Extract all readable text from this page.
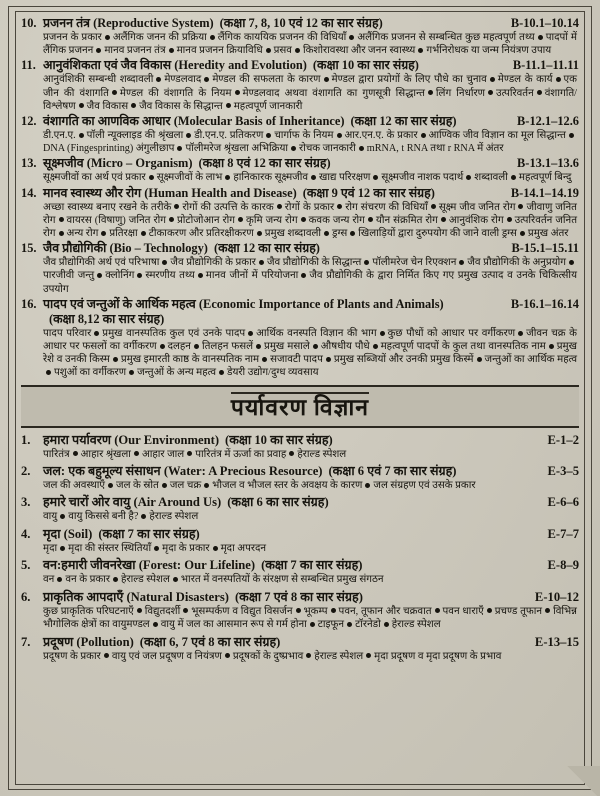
10. प्रजनन तंत्र (Reproductive System) (कक्षा 7, 8, 10 एवं 12 का सार संग्रह)	B-10.1–10.14
प्रजनन के प्रकार अलैंगिक जनन की प्रक्रिया लैंगिक काययिक प्रजनन की विधियाँ अलैंगिक प्रजनन से सम्बन्धित कुछ महत्वपूर्ण तथ्य पादपों में लैंगिक प्रजनन मानव प्रजनन तंत्र मानव प्रजनन क्रियाविधि प्रसव किशोरावस्था और जनन स्वास्थ्य गर्भनिरोधक या जन्म नियंत्रण उपाय
11. आनुवंशिकता एवं जैव विकास (Heredity and Evolution) (कक्षा 10 का सार संग्रह)	B-11.1–11.11
आनुवंशिकी सम्बन्धी शब्दावली मेण्डलवाद मेण्डल की सफलता के कारण मेण्डल द्वारा प्रयोगों के लिए पौधे का चुनाव मेण्डल के कार्य एक जीन की वंशागति मेण्डल की वंशागति के नियम मेण्डलवाद अथवा वंशागति का गुणसूत्री सिद्धान्त लिंग निर्धारण उत्परिवर्तन वंशागति/विश्लेषण जैव विकास जैव विकास के सिद्धान्त महत्वपूर्ण जानकारी
12. वंशागति का आणविक आधार (Molecular Basis of Inheritance) (कक्षा 12 का सार संग्रह)	B-12.1–12.6
डी.एन.ए. पॉली न्यूक्लाइड की श्रृंखला डी.एन.ए. प्रतिकरण चार्गाफ के नियम आर.एन.ए. के प्रकार आण्विक जीव विज्ञान का मूल सिद्धान्तDNA (Fingesprinting) अंगुलीछाप पॉलीमरेज श्रृंखला अभिक्रिया रोचक जानकारी mRNA, t RNA तथा r RNA में अंतर
13. सूक्ष्मजीव (Micro – Organism) (कक्षा 8 एवं 12 का सार संग्रह)	B-13.1–13.6
सूक्ष्मजीवों का अर्थ एवं प्रकार सूक्ष्मजीवों के लाभ हानिकारक सूक्ष्मजीव खाद्य परिरक्षण सूक्ष्मजीव नाशक पदार्थ शब्दावली महत्वपूर्ण बिन्दु
14. मानव स्वास्थ्य और रोग (Human Health and Disease) (कक्षा 9 एवं 12 का सार संग्रह)	B-14.1–14.19
अच्छा स्वास्थ्य बनाए रखने के तरीके रोगों की उत्पत्ति के कारक रोगों के प्रकार रोग संचरण की विधियाँ सूक्ष्म जीव जनित रोग जीवाणु जनित रोग वायरस (विषाणु) जनित रोग प्रोटोजोआन रोग कृमि जन्य रोग कवक जन्य रोग यौन संक्रमित रोग आनुवंशिक रोग उत्परिवर्तन जनित रोग अन्य रोग प्रतिरक्षा टीकाकरण और प्रतिरक्षीकरण प्रमुख शब्दावली ड्रग्स खिलाड़ियों द्वारा दुरुपयोग की जाने वाली ड्रग्स प्रमुख अंतर
15. जैव प्रौद्योगिकी (Bio – Technology) (कक्षा 12 का सार संग्रह)	B-15.1–15.11
जैव प्रौद्योगिकी अर्थ एवं परिभाषा जैव प्रौद्योगिकी के प्रकार जैव प्रौद्योगिकी के सिद्धान्त पॉलीमरेज चेन रिएक्शन जैव प्रौद्योगिकी के अनुप्रयोगपारजीवी जन्तु क्लोनिंग स्मरणीय तथ्य मानव जीनों में परियोजना जैव प्रौद्योगिकी के द्वारा निर्मित किए गए प्रमुख उत्पाद व उनके चिकित्सीय उपयोग
16. पादप एवं जन्तुओं के आर्थिक महत्व (Economic Importance of Plants and Animals)(कक्षा 8,12 का सार संग्रह)
B-16.1–16.14
पादप परिवार प्रमुख वानस्पतिक कुल एवं उनके पादप आर्थिक वनस्पति विज्ञान की भाग कुछ पौधों को आधार पर वर्गीकरण जीवन चक्र के आधार पर फसलों का वर्गीकरण दलहन तिलहन फसलें प्रमुख मसाले औषधीय पौधे महत्वपूर्ण पादपों के कुल तथा वानस्पतिक नाम प्रमुख रेशे व उनकी किस्म प्रमुख इमारती काष्ठ के वानस्पतिक नाम सजावटी पादप प्रमुख सब्जियों और उनकी प्रमुख किस्में जन्तुओं का आर्थिक महत्वपशुओं का वर्गीकरण जन्तुओं के अन्य महत्व डेयरी उद्योग/दुग्ध व्यवसाय
पर्यावरण विज्ञान
1. हमारा पर्यावरण (Our Environment) (कक्षा 10 का सार संग्रह)	E-1–2
पारितंत्र आहार श्रृंखला आहार जाल पारितंत्र में ऊर्जा का प्रवाह हेराल्ड स्पेशल
2. जल: एक बहुमूल्य संसाधन (Water: A Precious Resource) (कक्षा 6 एवं 7 का सार संग्रह)	E-3–5
जल की अवस्थाएँ जल के स्रोत जल चक्र भौजल व भौजल स्तर के अवक्षय के कारण जल संग्रहण एवं उसके प्रकार
3. हमारे चारों ओर वायु (Air Around Us) (कक्षा 6 का सार संग्रह)	E-6–6
वायु वायु किससे बनी है? हेराल्ड स्पेशल
4. मृदा (Soil) (कक्षा 7 का सार संग्रह)	E-7–7
मृदा मृदा की संस्तर स्थितियाँ मृदा के प्रकार मृदा अपरदन
5. वन:हमारी जीवनरेखा (Forest: Our Lifeline) (कक्षा 7 का सार संग्रह)	E-8–9
वन वन के प्रकार हेराल्ड स्पेशल भारत में वनस्पतियों के संरक्षण से सम्बन्धित प्रमुख संगठन
6. प्राकृतिक आपदाएँ (Natural Disasters) (कक्षा 7 एवं 8 का सार संग्रह)	E-10–12
कुछ प्राकृतिक परिघटनाएँ विद्युतदर्शी भूसम्पर्कण व विद्युत विसर्जन भूकम्प पवन, तूफान और चक्रवात पवन धाराएँ प्रचण्ड तूफान विभिन्न भौगोलिक क्षेत्रों का वायुमण्डल वायु में जल का आसमान रूप से गर्म होना टाइफून टॉरनेडो हेराल्ड स्पेशल
7. प्रदूषण (Pollution) (कक्षा 6, 7 एवं 8 का सार संग्रह)	E-13–15
प्रदूषण के प्रकार वायु एवं जल प्रदूषण व नियंत्रण प्रदूषकों के दुष्प्रभाव हेराल्ड स्पेशल मृदा प्रदूषण व मृदा प्रदूषण के प्रभाव
